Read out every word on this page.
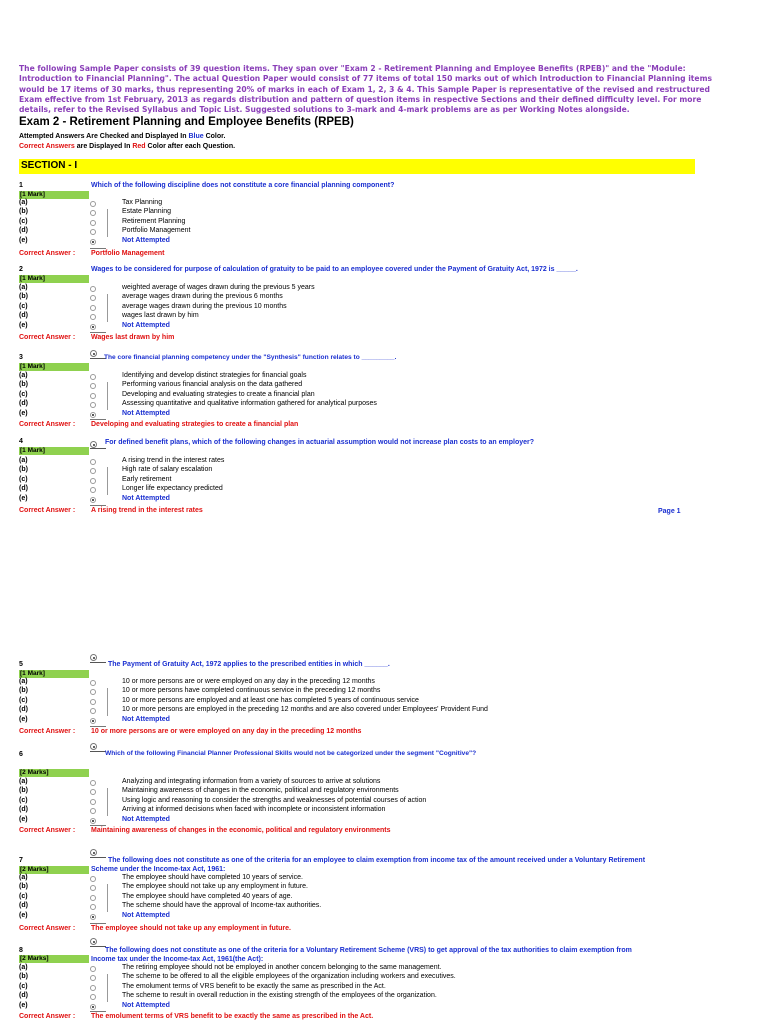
The following Sample Paper consists of 39 question items. They span over "Exam 2 - Retirement Planning and Employee Benefits (RPEB)" and the "Module: Introduction to Financial Planning". The actual Question Paper would consist of 77 items of total 150 marks out of which Introduction to Financial Planning items would be 17 items of 30 marks, thus representing 20% of marks in each of Exam 1, 2, 3 & 4. This Sample Paper is representative of the revised and restructured Exam effective from 1st February, 2013 as regards distribution and pattern of question items in respective Sections and their defined difficulty level. For more details, refer to the Revised Syllabus and Topic List. Suggested solutions to 3-mark and 4-mark problems are as per Working Notes alongside.
Exam 2 - Retirement Planning and Employee Benefits (RPEB)
Attempted Answers Are Checked and Displayed In Blue Color.
Correct Answers are Displayed In Red Color after each Question.
SECTION - I
1	Which of the following discipline does not constitute a core financial planning component?
[1 Mark]
2	Wages to be considered for purpose of calculation of gratuity to be paid to an employee covered under the Payment of Gratuity Act, 1972 is _____.
[1 Mark]
3	The core financial planning competency under the "Synthesis" function relates to _________.
[1 Mark]
4	For defined benefit plans, which of the following changes in actuarial assumption would not increase plan costs to an employer?
[1 Mark]
Page 1
5	The Payment of Gratuity Act, 1972 applies to the prescribed entities in which ______.
[1 Mark]
6	Which of the following Financial Planner Professional Skills would not be categorized under the segment "Cognitive"?
[2 Marks]
7	The following does not constitute as one of the criteria for an employee to claim exemption from income tax of the amount received under a Voluntary Retirement
Scheme under the Income-tax Act, 1961:
[2 Marks]
8	The following does not constitute as one of the criteria for a Voluntary Retirement Scheme (VRS) to get approval of the tax authorities to claim exemption from
Income tax under the Income-tax Act, 1961(the Act):
[2 Marks]
(a)	Tax Planning
(b)	Estate Planning
(c)	Retirement Planning
(d)	Portfolio Management
(e)	Not Attempted
Correct Answer : Portfolio Management
(a)	weighted average of wages drawn during the previous 5 years
(b)	average wages drawn during the previous 6 months
(c)	average wages drawn during the previous 10 months
(d)	wages last drawn by him
(e)	Not Attempted
Correct Answer : Wages last drawn by him
(a)	Identifying and develop distinct strategies for financial goals
(b)	Performing various financial analysis on the data gathered
(c)	Developing and evaluating strategies to create a financial plan
(d)	Assessing quantitative and qualitative information gathered for analytical purposes
(e)	Not Attempted
Correct Answer : Developing and evaluating strategies to create a financial plan
(a)	A rising trend in the interest rates
(b)	High rate of salary escalation
(c)	Early retirement
(d)	Longer life expectancy predicted
(e)	Not Attempted
Correct Answer : A rising trend in the interest rates
(a)	10 or more persons are or were employed on any day in the preceding 12 months
(b)	10 or more persons have completed continuous service in the preceding 12 months
(c)	10 or more persons are employed and at least one has completed 5 years of continuous service
(d)	10 or more persons are employed in the preceding 12 months and are also covered under Employees' Provident Fund
(e)	Not Attempted
Correct Answer : 10 or more persons are or were employed on any day in the preceding 12 months
(a)	Analyzing and integrating information from a variety of sources to arrive at solutions
(b)	Maintaining awareness of changes in the economic, political and regulatory environments
(c)	Using logic and reasoning to consider the strengths and weaknesses of potential courses of action
(d)	Arriving at informed decisions when faced with incomplete or inconsistent information
(e)	Not Attempted
Correct Answer : Maintaining awareness of changes in the economic, political and regulatory environments
(a)	The employee should have completed 10 years of service.
(b)	The employee should not take up any employment in future.
(c)	The employee should have completed 40 years of age.
(d)	The scheme should have the approval of Income-tax authorities.
(e)	Not Attempted
Correct Answer : The employee should not take up any employment in future.
(a)	The retiring employee should not be employed in another concern belonging to the same management.
(b)	The scheme to be offered to all the eligible employees of the organization including workers and executives.
(c)	The emolument terms of VRS benefit to be exactly the same as prescribed in the Act.
(d)	The scheme to result in overall reduction in the existing strength of the employees of the organization.
(e)	Not Attempted
Correct Answer : The emolument terms of VRS benefit to be exactly the same as prescribed in the Act.
